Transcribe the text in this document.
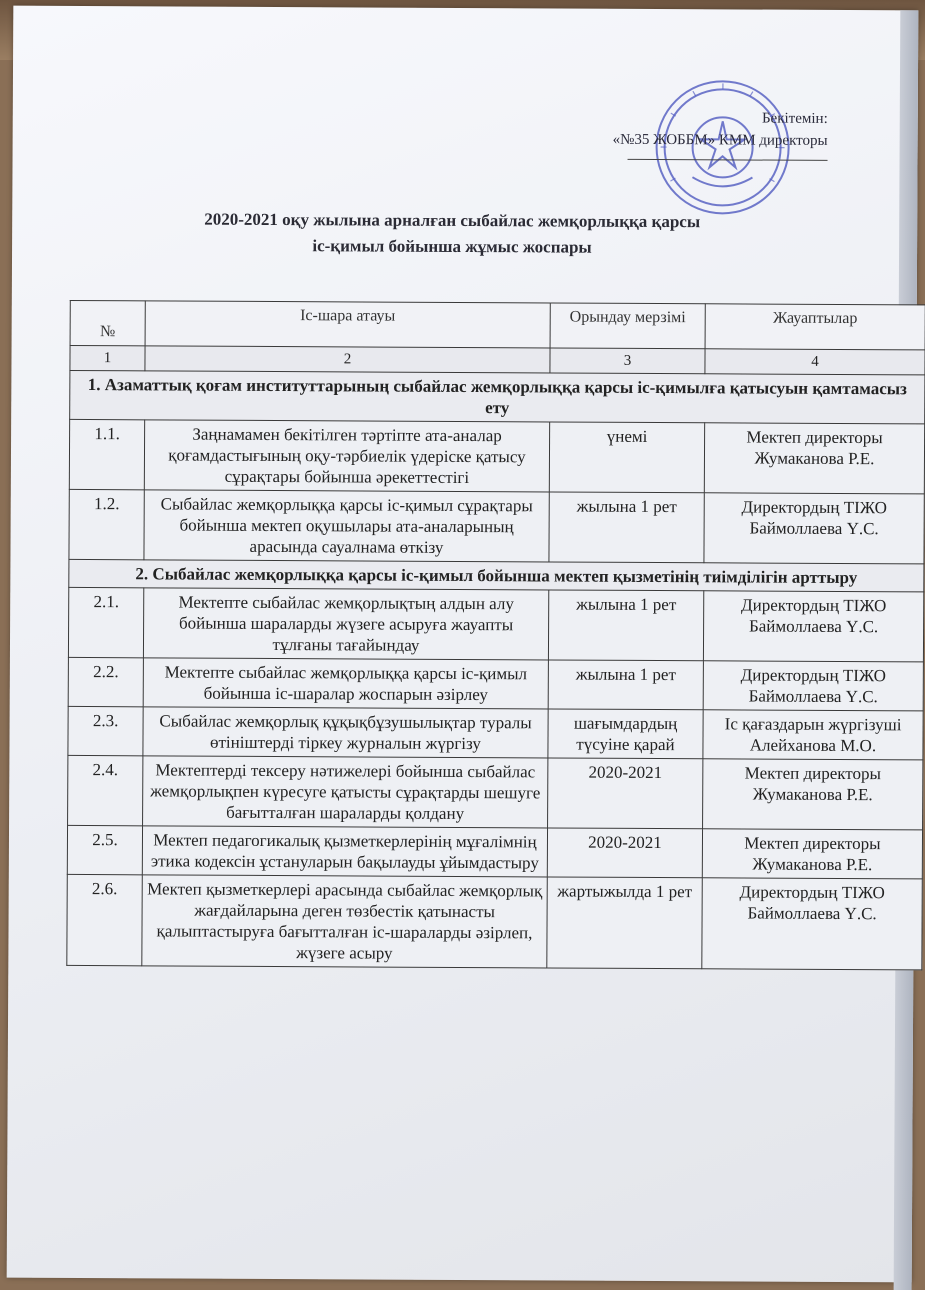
Бекітемін:
«№35 ЖОББМ» КММ директоры
2020-2021 оқу жылына арналған сыбайлас жемқорлыққа қарсы
іс-қимыл бойынша жұмыс жоспары
№	Іс-шара атауы	Орындау мерзімі	Жауаптылар
1	2	3	4
1. Азаматтық қоғам институттарының сыбайлас жемқорлыққа қарсы іс-қимылға қатысуын қамтамасыз ету			
1.1.	Заңнамамен бекітілген тәртіпте ата-аналар қоғамдастығының оқу-тәрбиелік үдеріске қатысу сұрақтары бойынша әрекеттестігі	үнемі	Мектеп директоры Жумаканова Р.Е.
1.2.	Сыбайлас жемқорлыққа қарсы іс-қимыл сұрақтары бойынша мектеп оқушылары ата-аналарының арасында сауалнама өткізу	жылына 1 рет	Директордың ТІЖО Баймоллаева Ү.С.
2. Сыбайлас жемқорлыққа қарсы іс-қимыл бойынша мектеп қызметінің тиімділігін арттыру			
2.1.	Мектепте сыбайлас жемқорлықтың алдын алу бойынша шараларды жүзеге асыруға жауапты тұлғаны тағайындау	жылына 1 рет	Директордың ТІЖО Баймоллаева Ү.С.
2.2.	Мектепте сыбайлас жемқорлыққа қарсы іс-қимыл бойынша іс-шаралар жоспарын әзірлеу	жылына 1 рет	Директордың ТІЖО Баймоллаева Ү.С.
2.3.	Сыбайлас жемқорлық құқықбұзушылықтар туралы өтініштерді тіркеу журналын жүргізу	шағымдардың түсуіне қарай	Іс қағаздарын жүргізуші Алейханова М.О.
2.4.	Мектептерді тексеру нәтижелері бойынша сыбайлас жемқорлықпен күресуге қатысты сұрақтарды шешуге бағытталған шараларды қолдану	2020-2021	Мектеп директоры Жумаканова Р.Е.
2.5.	Мектеп педагогикалық қызметкерлерінің мұғалімнің этика кодексін ұстануларын бақылауды ұйымдастыру	2020-2021	Мектеп директоры Жумаканова Р.Е.
2.6.	Мектеп қызметкерлері арасында сыбайлас жемқорлық жағдайларына деген төзбестік қатынасты қалыптастыруға бағытталған іс-шараларды әзірлеп, жүзеге асыру	жартыжылда 1 рет	Директордың ТІЖО Баймоллаева Ү.С.
